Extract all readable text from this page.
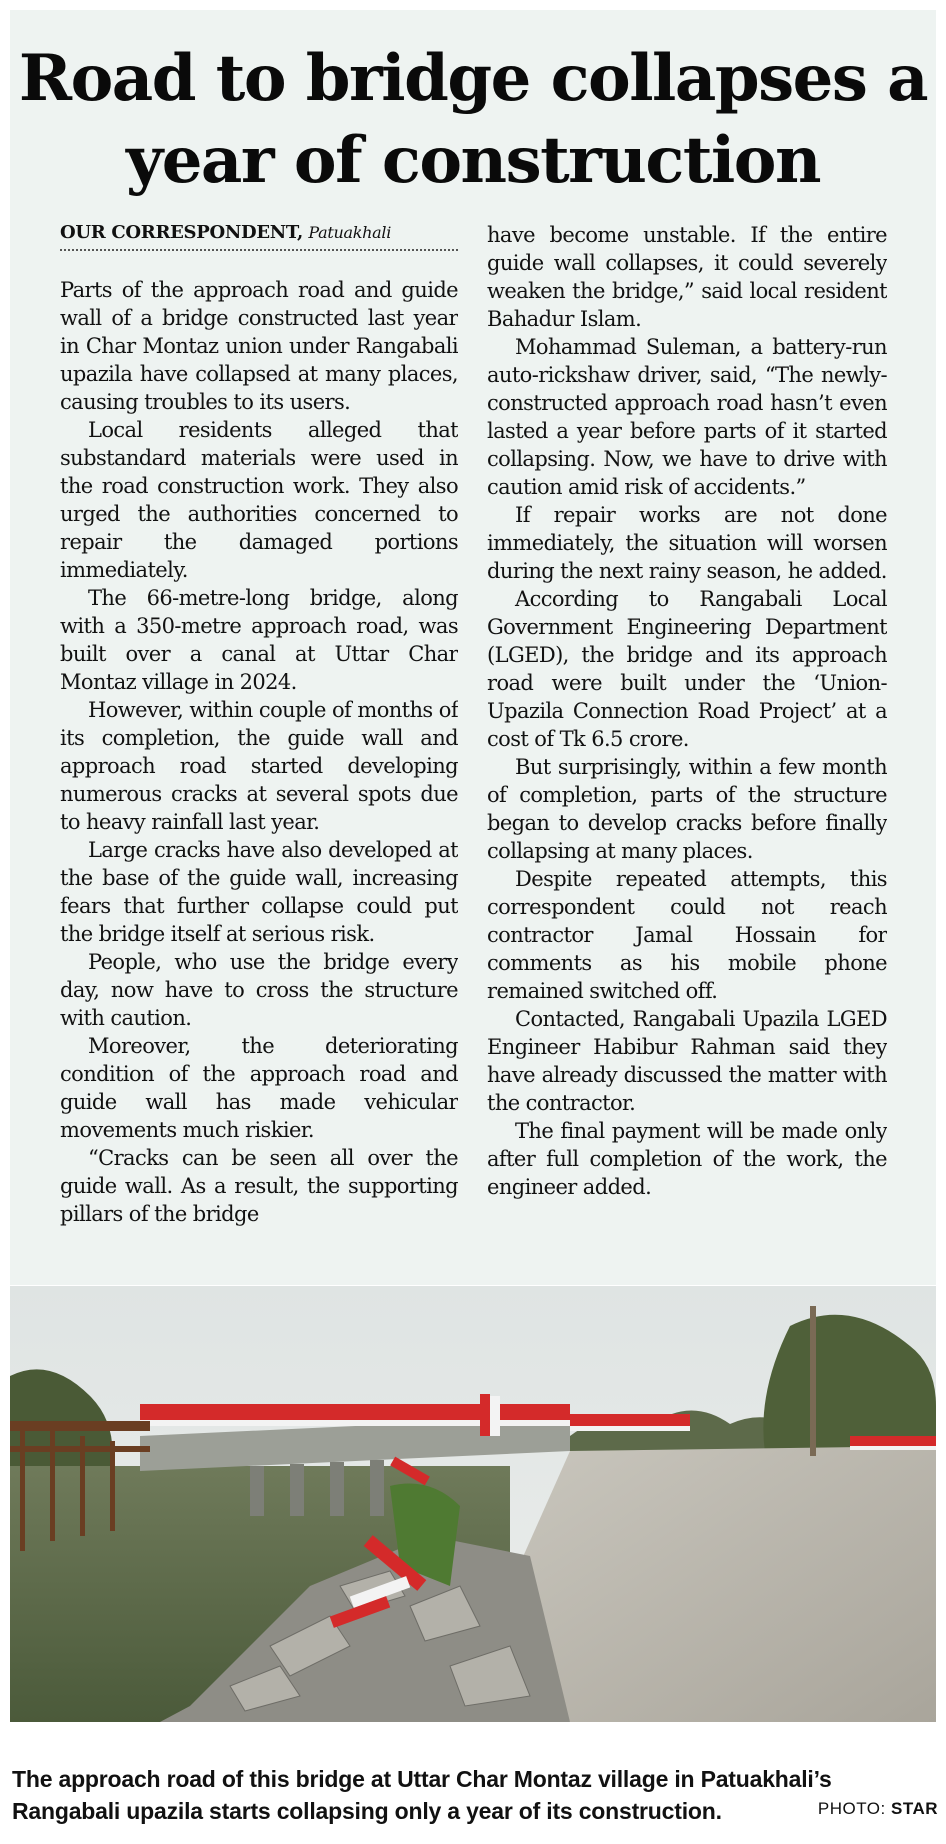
Road to bridge collapses a year of construction
OUR CORRESPONDENT, Patuakhali

Parts of the approach road and guide wall of a bridge constructed last year in Char Montaz union under Rangabali upazila have collapsed at many places, causing troubles to its users.

Local residents alleged that substandard materials were used in the road construction work. They also urged the authorities concerned to repair the damaged portions immediately.

The 66-metre-long bridge, along with a 350-metre approach road, was built over a canal at Uttar Char Montaz village in 2024.

However, within couple of months of its completion, the guide wall and approach road started developing numerous cracks at several spots due to heavy rainfall last year.

Large cracks have also developed at the base of the guide wall, increasing fears that further collapse could put the bridge itself at serious risk.

People, who use the bridge every day, now have to cross the structure with caution.

Moreover, the deteriorating condition of the approach road and guide wall has made vehicular movements much riskier.

“Cracks can be seen all over the guide wall. As a result, the supporting pillars of the bridge

have become unstable. If the entire guide wall collapses, it could severely weaken the bridge,” said local resident Bahadur Islam.

Mohammad Suleman, a battery-run auto-rickshaw driver, said, “The newly-constructed approach road hasn’t even lasted a year before parts of it started collapsing. Now, we have to drive with caution amid risk of accidents.”

If repair works are not done immediately, the situation will worsen during the next rainy season, he added.

According to Rangabali Local Government Engineering Department (LGED), the bridge and its approach road were built under the ‘Union-Upazila Connection Road Project’ at a cost of Tk 6.5 crore.

But surprisingly, within a few month of completion, parts of the structure began to develop cracks before finally collapsing at many places.

Despite repeated attempts, this correspondent could not reach contractor Jamal Hossain for comments as his mobile phone remained switched off.

Contacted, Rangabali Upazila LGED Engineer Habibur Rahman said they have already discussed the matter with the contractor.

The final payment will be made only after full completion of the work, the engineer added.

The approach road of this bridge at Uttar Char Montaz village in Patuakhali’s Rangabali upazila starts collapsing only a year of its construction.	PHOTO: STAR
